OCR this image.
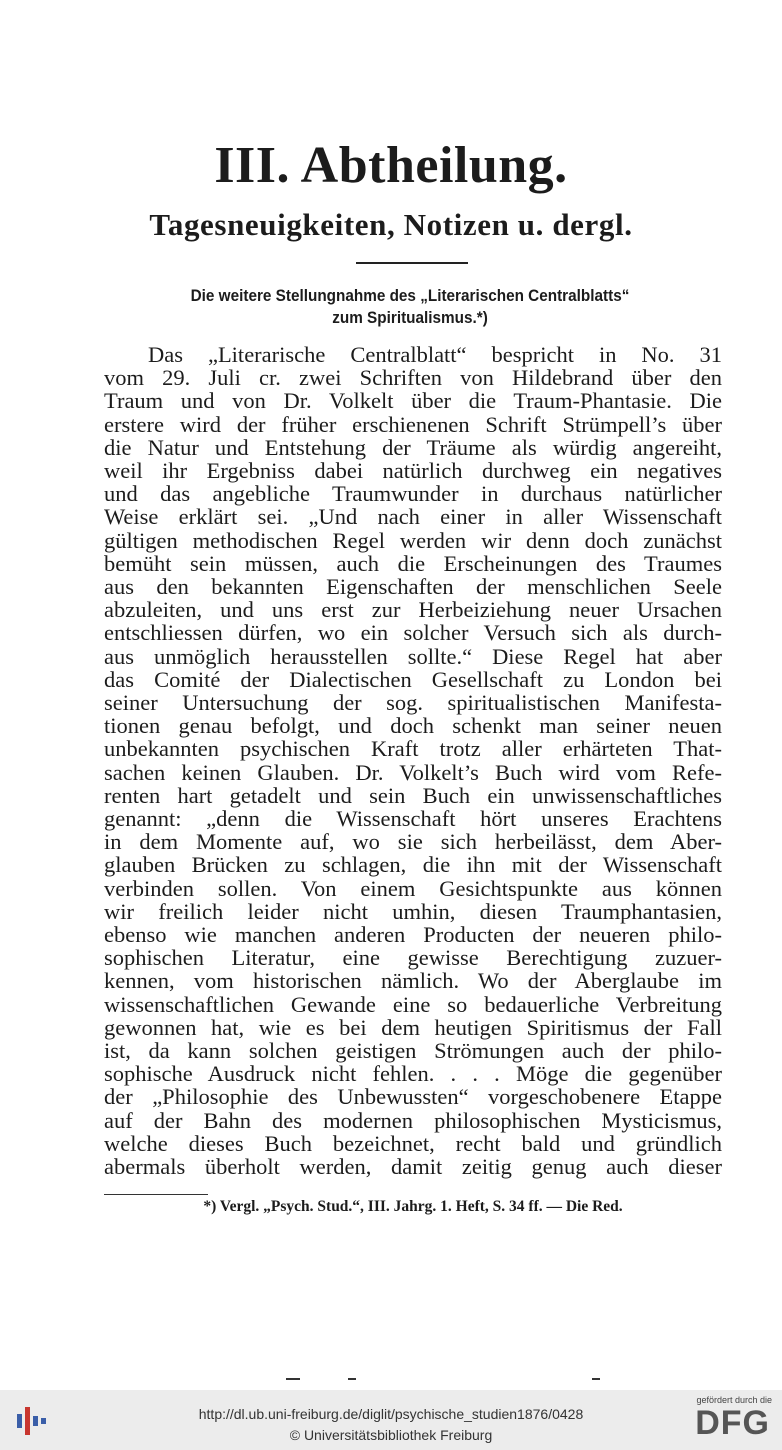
III. Abtheilung.
Tagesneuigkeiten, Notizen u. dergl.
Die weitere Stellungnahme des „Literarischen Centralblatts“
zum Spiritualismus.*)
Das „Literarische Centralblatt“ bespricht in No. 31
vom 29. Juli cr. zwei Schriften von Hildebrand über den
Traum und von Dr. Volkelt über die Traum-Phantasie. Die
erstere wird der früher erschienenen Schrift Strümpell’s über
die Natur und Entstehung der Träume als würdig angereiht,
weil ihr Ergebniss dabei natürlich durchweg ein negatives
und das angebliche Traumwunder in durchaus natürlicher
Weise erklärt sei. „Und nach einer in aller Wissenschaft
gültigen methodischen Regel werden wir denn doch zunächst
bemüht sein müssen, auch die Erscheinungen des Traumes
aus den bekannten Eigenschaften der menschlichen Seele
abzuleiten, und uns erst zur Herbeiziehung neuer Ursachen
entschliessen dürfen, wo ein solcher Versuch sich als durch-
aus unmöglich herausstellen sollte.“ Diese Regel hat aber
das Comité der Dialectischen Gesellschaft zu London bei
seiner Untersuchung der sog. spiritualistischen Manifesta-
tionen genau befolgt, und doch schenkt man seiner neuen
unbekannten psychischen Kraft trotz aller erhärteten That-
sachen keinen Glauben. Dr. Volkelt’s Buch wird vom Refe-
renten hart getadelt und sein Buch ein unwissenschaftliches
genannt: „denn die Wissenschaft hört unseres Erachtens
in dem Momente auf, wo sie sich herbeilässt, dem Aber-
glauben Brücken zu schlagen, die ihn mit der Wissenschaft
verbinden sollen. Von einem Gesichtspunkte aus können
wir freilich leider nicht umhin, diesen Traumphantasien,
ebenso wie manchen anderen Producten der neueren philo-
sophischen Literatur, eine gewisse Berechtigung zuzuer-
kennen, vom historischen nämlich. Wo der Aberglaube im
wissenschaftlichen Gewande eine so bedauerliche Verbreitung
gewonnen hat, wie es bei dem heutigen Spiritismus der Fall
ist, da kann solchen geistigen Strömungen auch der philo-
sophische Ausdruck nicht fehlen. . . . Möge die gegenüber
der „Philosophie des Unbewussten“ vorgeschobenere Etappe
auf der Bahn des modernen philosophischen Mysticismus,
welche dieses Buch bezeichnet, recht bald und gründlich
abermals überholt werden, damit zeitig genug auch dieser
*) Vergl. „Psych. Stud.“, III. Jahrg. 1. Heft, S. 34 ff. — Die Red.
http://dl.ub.uni-freiburg.de/diglit/psychische_studien1876/0428
© Universitätsbibliothek Freiburg
gefördert durch die
DFG
